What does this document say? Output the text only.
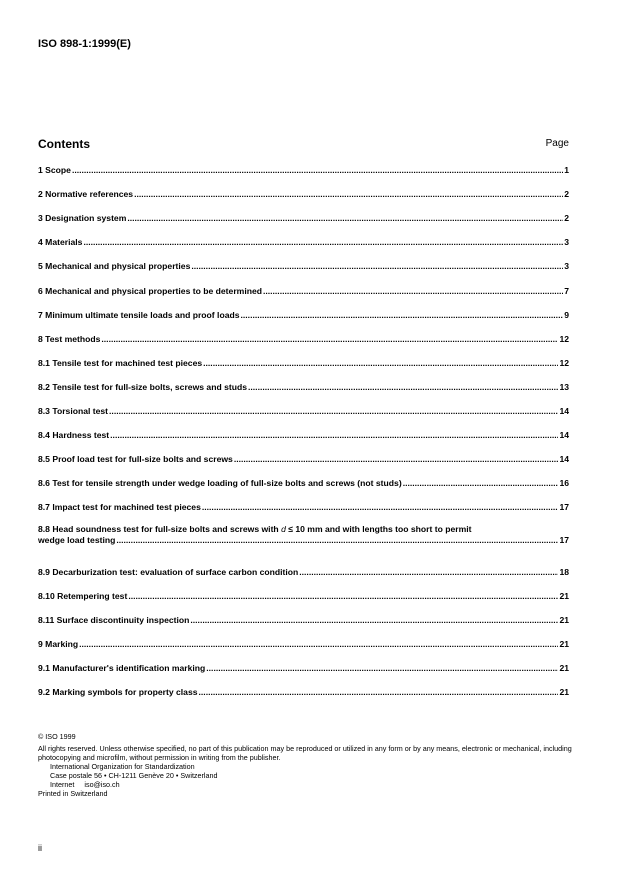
ISO 898-1:1999(E)
Contents	Page
1 Scope .....	1
2 Normative references .....	2
3 Designation system .....	2
4 Materials .....	3
5 Mechanical and physical properties .....	3
6 Mechanical and physical properties to be determined .....	7
7 Minimum ultimate tensile loads and proof loads .....	9
8 Test methods .....	12
8.1 Tensile test for machined test pieces .....	12
8.2 Tensile test for full-size bolts, screws and studs .....	13
8.3 Torsional test .....	14
8.4 Hardness test .....	14
8.5 Proof load test for full-size bolts and screws .....	14
8.6 Test for tensile strength under wedge loading of full-size bolts and screws (not studs) .....	16
8.7 Impact test for machined test pieces .....	17
8.8 Head soundness test for full-size bolts and screws with d ≤ 10 mm and with lengths too short to permit
wedge load testing .....	17
8.9 Decarburization test: evaluation of surface carbon condition .....	18
8.10 Retempering test .....	21
8.11 Surface discontinuity inspection .....	21
9 Marking .....	21
9.1 Manufacturer's identification marking .....	21
9.2 Marking symbols for property class .....	21

© ISO 1999

All rights reserved. Unless otherwise specified, no part of this publication may be reproduced or utilized in any form or by any means, electronic or mechanical, including photocopying and microfilm, without permission in writing from the publisher.

International Organization for Standardization

Case postale 56 • CH-1211 Genève 20 • Switzerland

Internet iso@iso.ch

Printed in Switzerland

ii
